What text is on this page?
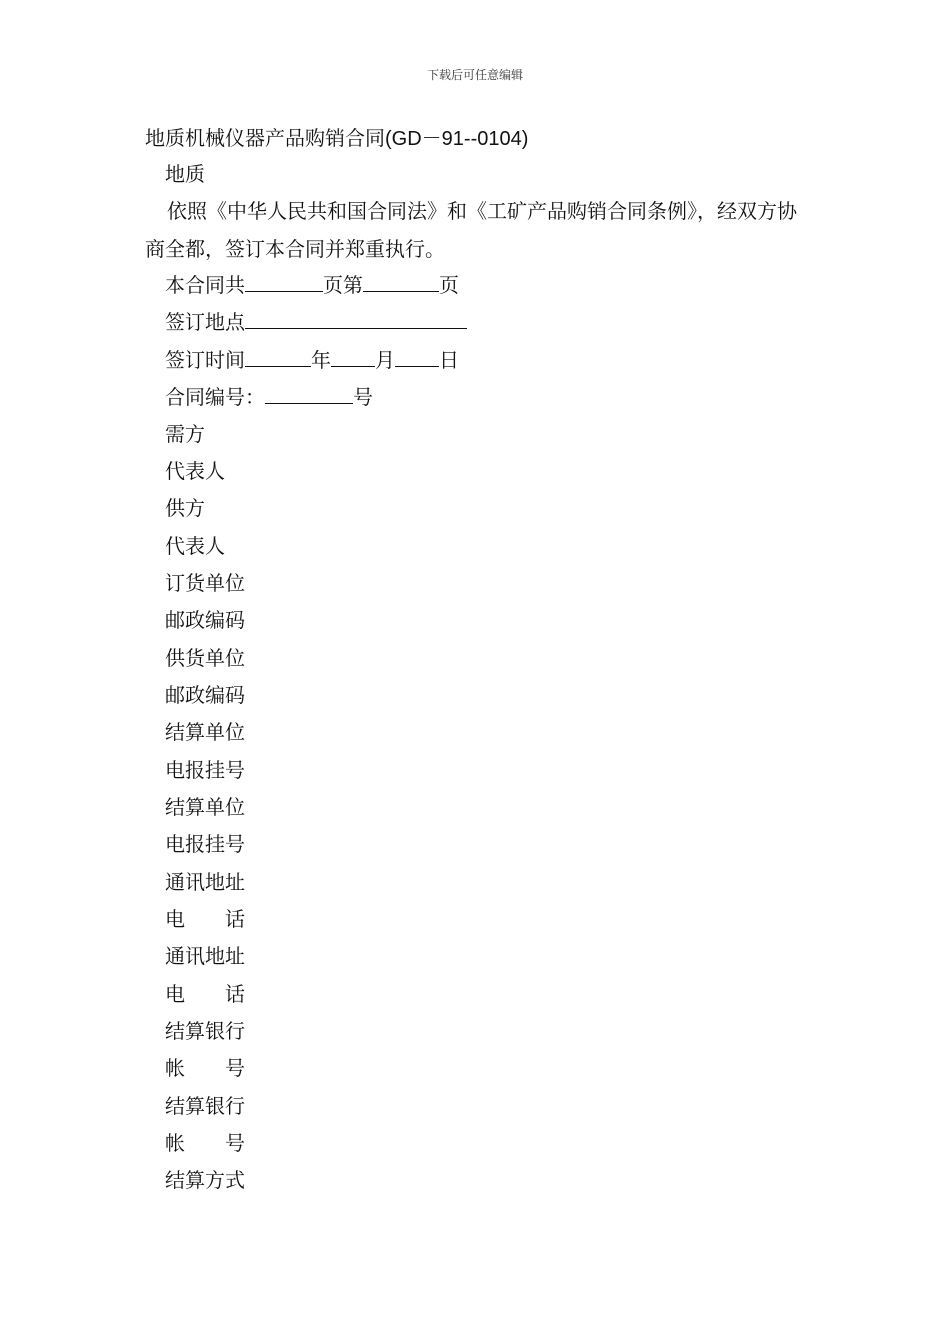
下载后可任意编辑
地质机械仪器产品购销合同(GD－91--0104)
地质
依照《中华人民共和国合同法》和《工矿产品购销合同条例》，经双方协商全都，签订本合同并郑重执行。
本合同共	页第	页
签订地点
签订时间	年 月 日
合同编号：	号
需方
代表人
供方
代表人
订货单位
邮政编码
供货单位
邮政编码
结算单位
电报挂号
结算单位
电报挂号
通讯地址
电　　话
通讯地址
电　　话
结算银行
帐　　号
结算银行
帐　　号
结算方式
